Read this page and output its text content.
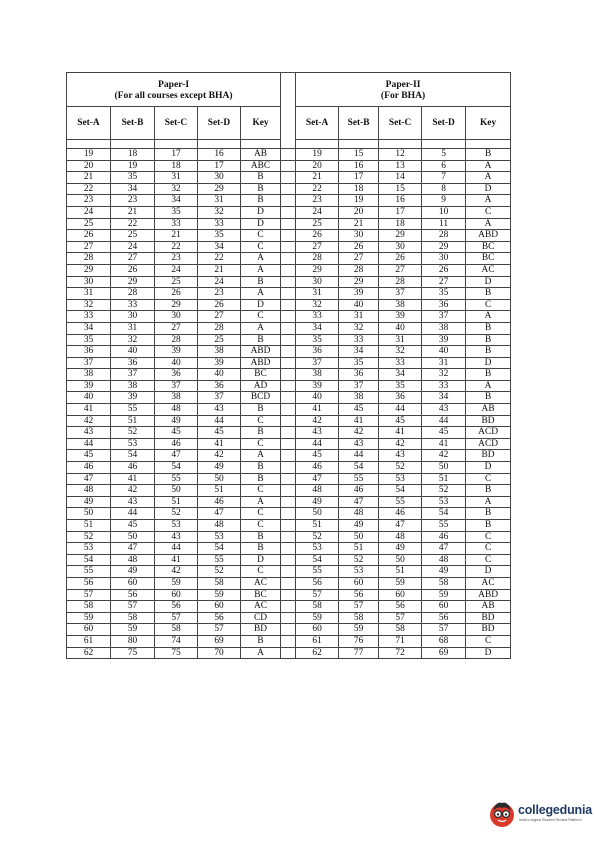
Paper-I
(For all courses except BHA)						Paper-II
(For BHA)				

Set-A	Set-B	Set-C	Set-D	Key		Set-A	Set-B	Set-C	Set-D	Key

19	18	17	16	AB		19	15	12	5	B
20	19	18	17	ABC		20	16	13	6	A
21	35	31	30	B		21	17	14	7	A
22	34	32	29	B		22	18	15	8	D
23	23	34	31	B		23	19	16	9	A
24	21	35	32	D		24	20	17	10	C
25	22	33	33	D		25	21	18	11	A
26	25	21	35	C		26	30	29	28	ABD
27	24	22	34	C		27	26	30	29	BC
28	27	23	22	A		28	27	26	30	BC
29	26	24	21	A		29	28	27	26	AC
30	29	25	24	B		30	29	28	27	D
31	28	26	23	A		31	39	37	35	B
32	33	29	26	D		32	40	38	36	C
33	30	30	27	C		33	31	39	37	A
34	31	27	28	A		34	32	40	38	B
35	32	28	25	B		35	33	31	39	B
36	40	39	38	ABD		36	34	32	40	B
37	36	40	39	ABD		37	35	33	31	D
38	37	36	40	BC		38	36	34	32	B
39	38	37	36	AD		39	37	35	33	A
40	39	38	37	BCD		40	38	36	34	B
41	55	48	43	B		41	45	44	43	AB
42	51	49	44	C		42	41	45	44	BD
43	52	45	45	B		43	42	41	45	ACD
44	53	46	41	C		44	43	42	41	ACD
45	54	47	42	A		45	44	43	42	BD
46	46	54	49	B		46	54	52	50	D
47	41	55	50	B		47	55	53	51	C
48	42	50	51	C		48	46	54	52	B
49	43	51	46	A		49	47	55	53	A
50	44	52	47	C		50	48	46	54	B
51	45	53	48	C		51	49	47	55	B
52	50	43	53	B		52	50	48	46	C
53	47	44	54	B		53	51	49	47	C
54	48	41	55	D		54	52	50	48	C
55	49	42	52	C		55	53	51	49	D
56	60	59	58	AC		56	60	59	58	AC
57	56	60	59	BC		57	56	60	59	ABD
58	57	56	60	AC		58	57	56	60	AB
59	58	57	56	CD		59	58	57	56	BD
60	59	58	57	BD		60	59	58	57	BD
61	80	74	69	B		61	76	71	68	C
62	75	75	70	A		62	77	72	69	D
collegedunia
India's largest Student Review Platform
